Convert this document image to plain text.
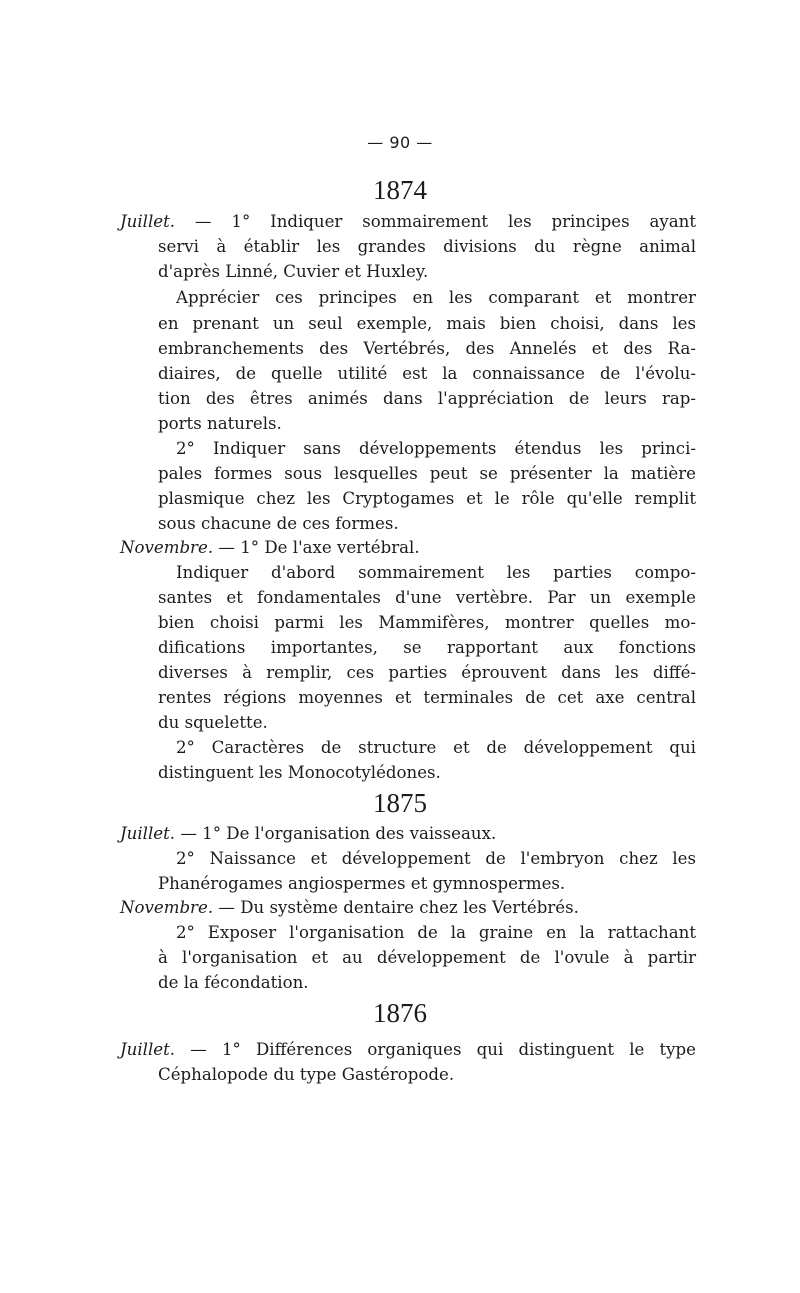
— 90 —

1874

Juillet. — 1° Indiquer sommairement les principes ayant

servi à établir les grandes divisions du règne animal

d'après Linné, Cuvier et Huxley.

Apprécier ces principes en les comparant et montrer

en prenant un seul exemple, mais bien choisi, dans les

embranchements des Vertébrés, des Annelés et des Ra-

diaires, de quelle utilité est la connaissance de l'évolu-

tion des êtres animés dans l'appréciation de leurs rap-

ports naturels.

2° Indiquer sans développements étendus les princi-

pales formes sous lesquelles peut se présenter la matière

plasmique chez les Cryptogames et le rôle qu'elle remplit

sous chacune de ces formes.

Novembre. — 1° De l'axe vertébral.

Indiquer d'abord sommairement les parties compo-

santes et fondamentales d'une vertèbre. Par un exemple

bien choisi parmi les Mammifères, montrer quelles mo-

difications importantes, se rapportant aux fonctions

diverses à remplir, ces parties éprouvent dans les diffé-

rentes régions moyennes et terminales de cet axe central

du squelette.

2° Caractères de structure et de développement qui

distinguent les Monocotylédones.

1875

Juillet. — 1° De l'organisation des vaisseaux.

2° Naissance et développement de l'embryon chez les

Phanérogames angiospermes et gymnospermes.

Novembre. — Du système dentaire chez les Vertébrés.

2° Exposer l'organisation de la graine en la rattachant

à l'organisation et au développement de l'ovule à partir

de la fécondation.

1876

Juillet. — 1° Différences organiques qui distinguent le type

Céphalopode du type Gastéropode.
